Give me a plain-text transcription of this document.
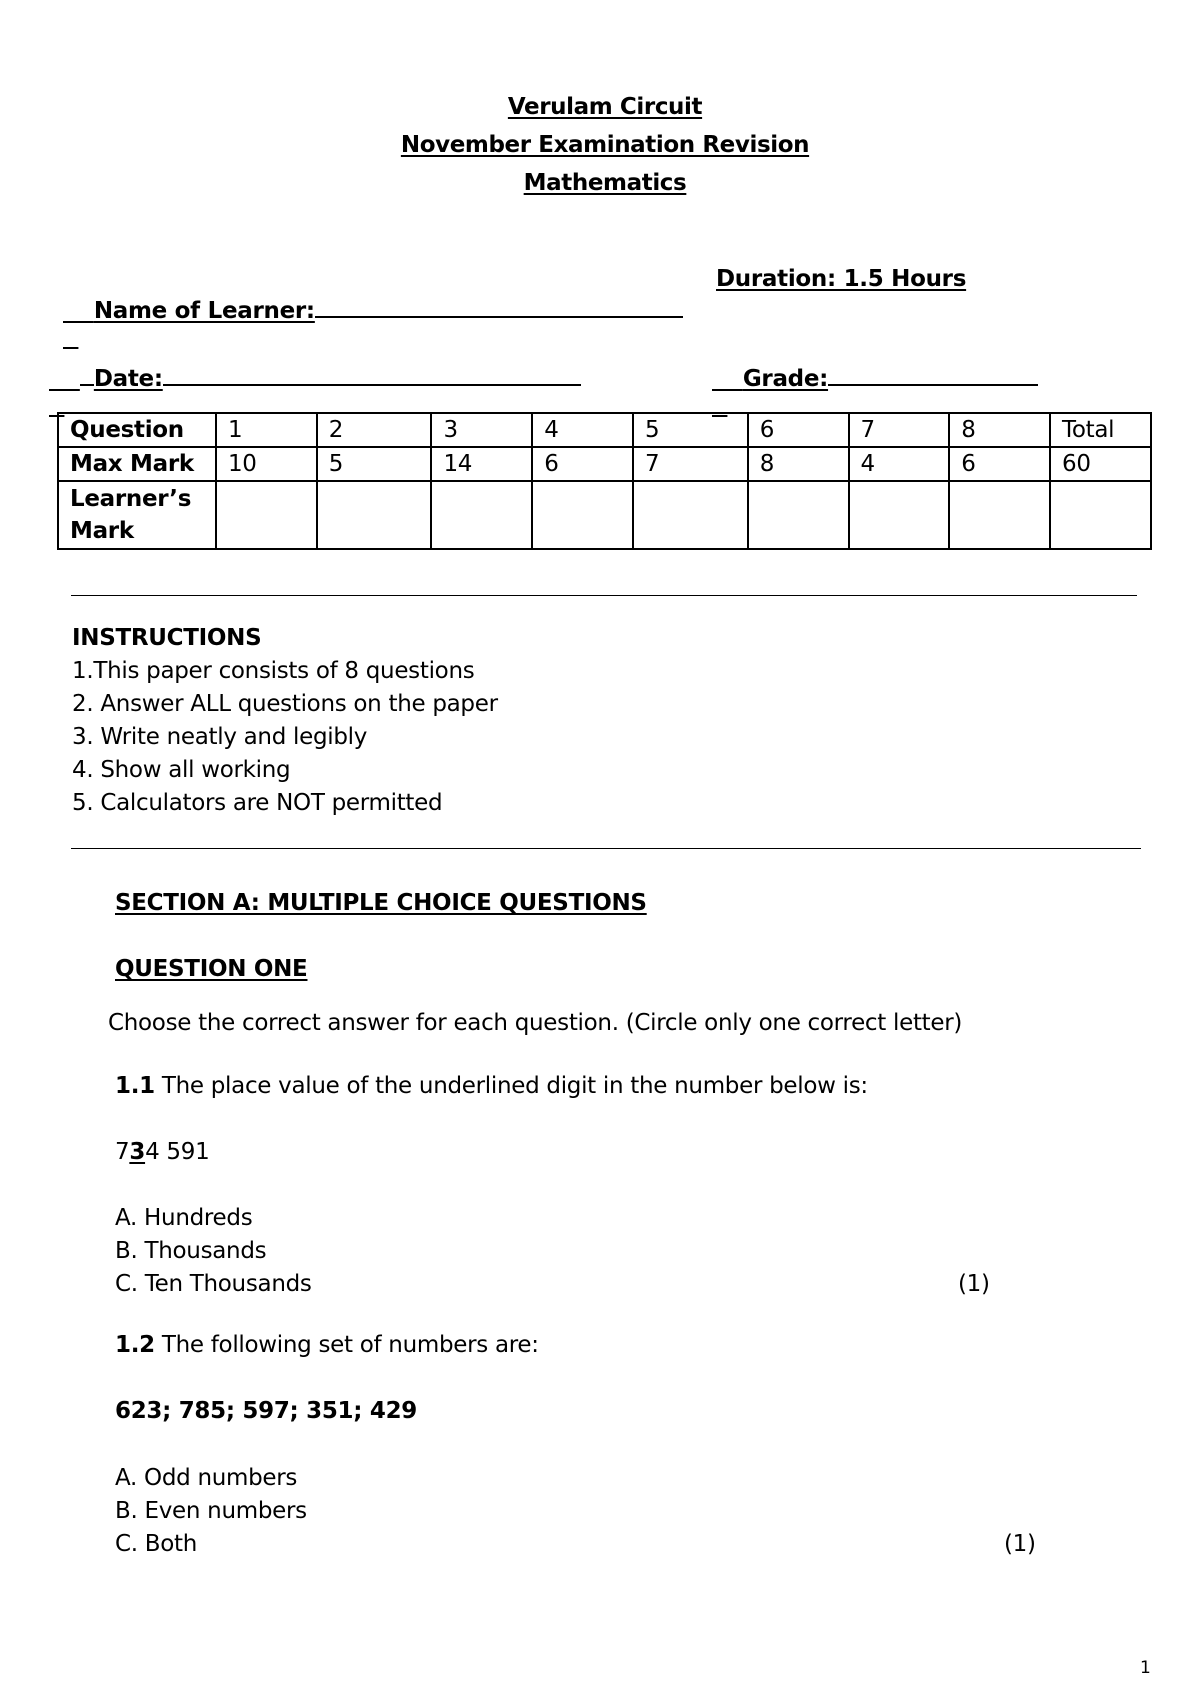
Verulam Circuit
November Examination Revision
Mathematics

Name of Learner:

Duration: 1.5 Hours

Date:
	Grade:

Question	1	2	3	4	5	6	7	8	Total
Max Mark	10	5	14	6	7	8	4	6	60
Learner’s Mark									
INSTRUCTIONS
1.This paper consists of 8 questions
2. Answer ALL questions on the paper
3. Write neatly and legibly
4. Show all working
5. Calculators are NOT permitted
SECTION A: MULTIPLE CHOICE QUESTIONS
QUESTION ONE
Choose the correct answer for each question. (Circle only one correct letter)
1.1 The place value of the underlined digit in the number below is:
734 591
A. Hundreds
B. Thousands
C. Ten Thousands	(1)
1.2 The following set of numbers are:
623; 785; 597; 351; 429
A. Odd numbers
B. Even numbers
C. Both	(1)
1
